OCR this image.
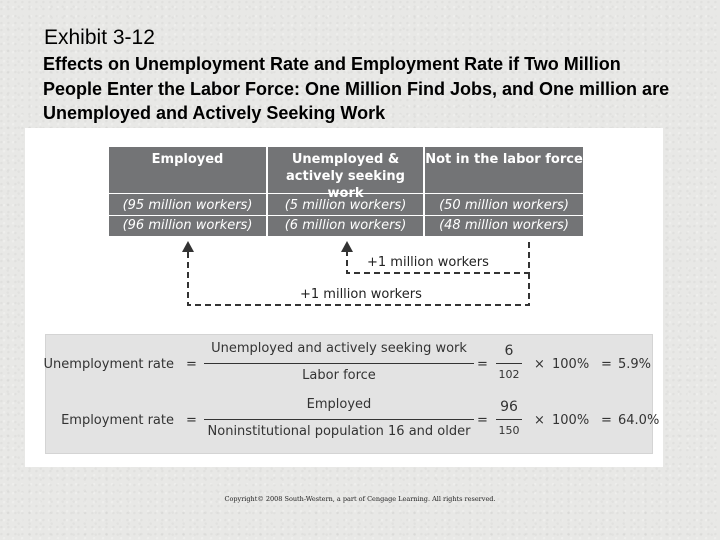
Exhibit 3-12

Effects on Unemployment Rate and Employment Rate if Two Million People Enter the Labor Force: One Million Find Jobs, and One million are Unemployed and Actively Seeking Work

Employed
(95 million workers)
(96 million workers)
Unemployed & actively seeking work
(5 million workers)
(6 million workers)
Not in the labor force
(50 million workers)
(48 million workers)
+1 million workers
+1 million workers
Unemployment rate =
Unemployed and actively seeking work
Labor force
=
6
102
× 100% = 5.9%
Employment rate =
Employed
Noninstitutional population 16 and older
=
96
150
× 100% = 64.0%
Copyright© 2008 South-Western, a part of Cengage Learning. All rights reserved.
